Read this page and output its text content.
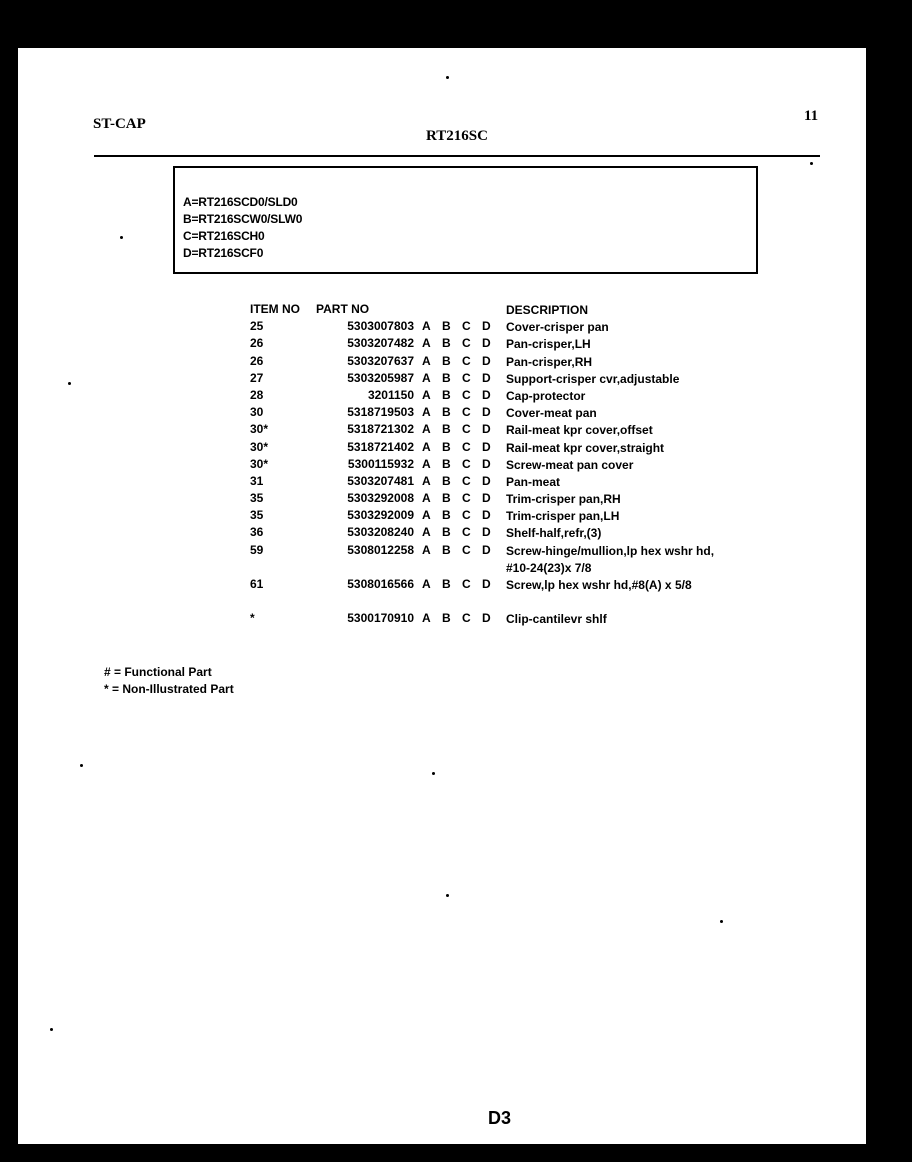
ST-CAP
RT216SC
11
A=RT216SCD0/SLD0
B=RT216SCW0/SLW0
C=RT216SCH0
D=RT216SCF0
ITEM NO PART NO	DESCRIPTION
25	5303007803 A B C D Cover-crisper pan
26	5303207482 A B C D Pan-crisper,LH
26	5303207637 A B C D Pan-crisper,RH
27	5303205987 A B C D Support-crisper cvr,adjustable
28	3201150 A B C D Cap-protector
30	5318719503 A B C D Cover-meat pan
30*	5318721302 A B C D Rail-meat kpr cover,offset
30*	5318721402 A B C D Rail-meat kpr cover,straight
30*	5300115932 A B C D Screw-meat pan cover
31	5303207481 A B C D Pan-meat
35	5303292008 A B C D Trim-crisper pan,RH
35	5303292009 A B C D Trim-crisper pan,LH
36	5303208240 A B C D Shelf-half,refr,(3)
59	5308012258 A B C D Screw-hinge/mullion,lp hex wshr hd,
#10-24(23)x 7/8
61	5308016566 A B C D Screw,lp hex wshr hd,#8(A) x 5/8
*	5300170910 A B C D Clip-cantilevr shlf
# = Functional Part
* = Non-Illustrated Part
D3
